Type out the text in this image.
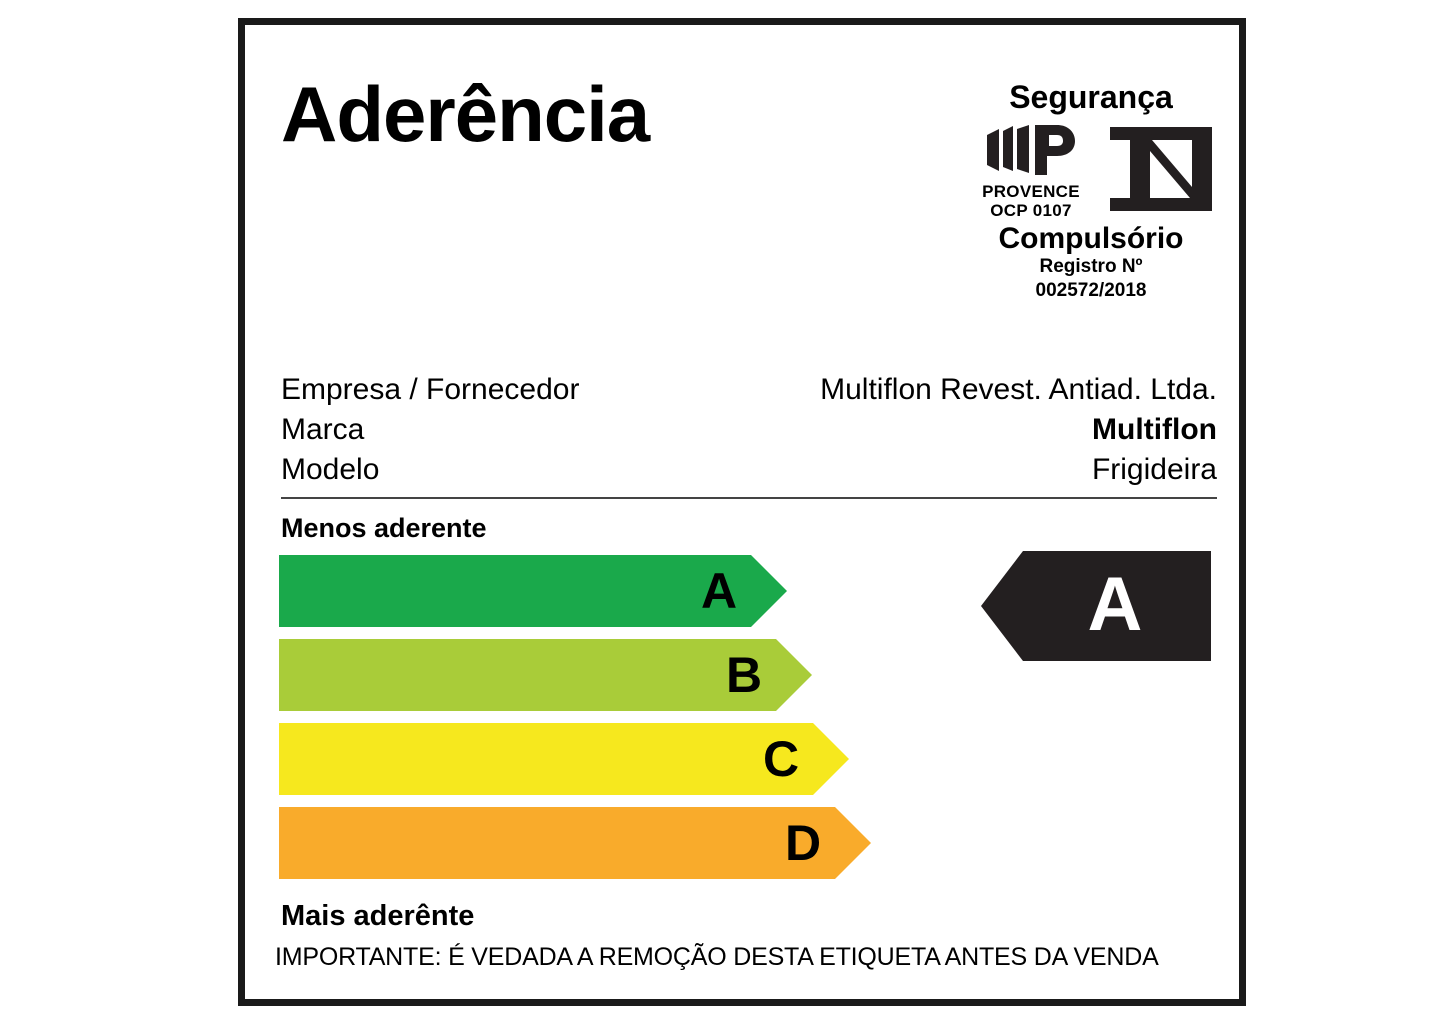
Aderência	Segurança
PROVENCE
OCP 0107
Compulsório
Registro Nº
002572/2018
Empresa / Fornecedor	Multiflon Revest. Antiad. Ltda.
Marca	Multiflon
Modelo	Frigideira
Menos aderente
A
B
C
D
A
Mais aderênte
IMPORTANTE: É VEDADA A REMOÇÃO DESTA ETIQUETA ANTES DA VENDA
